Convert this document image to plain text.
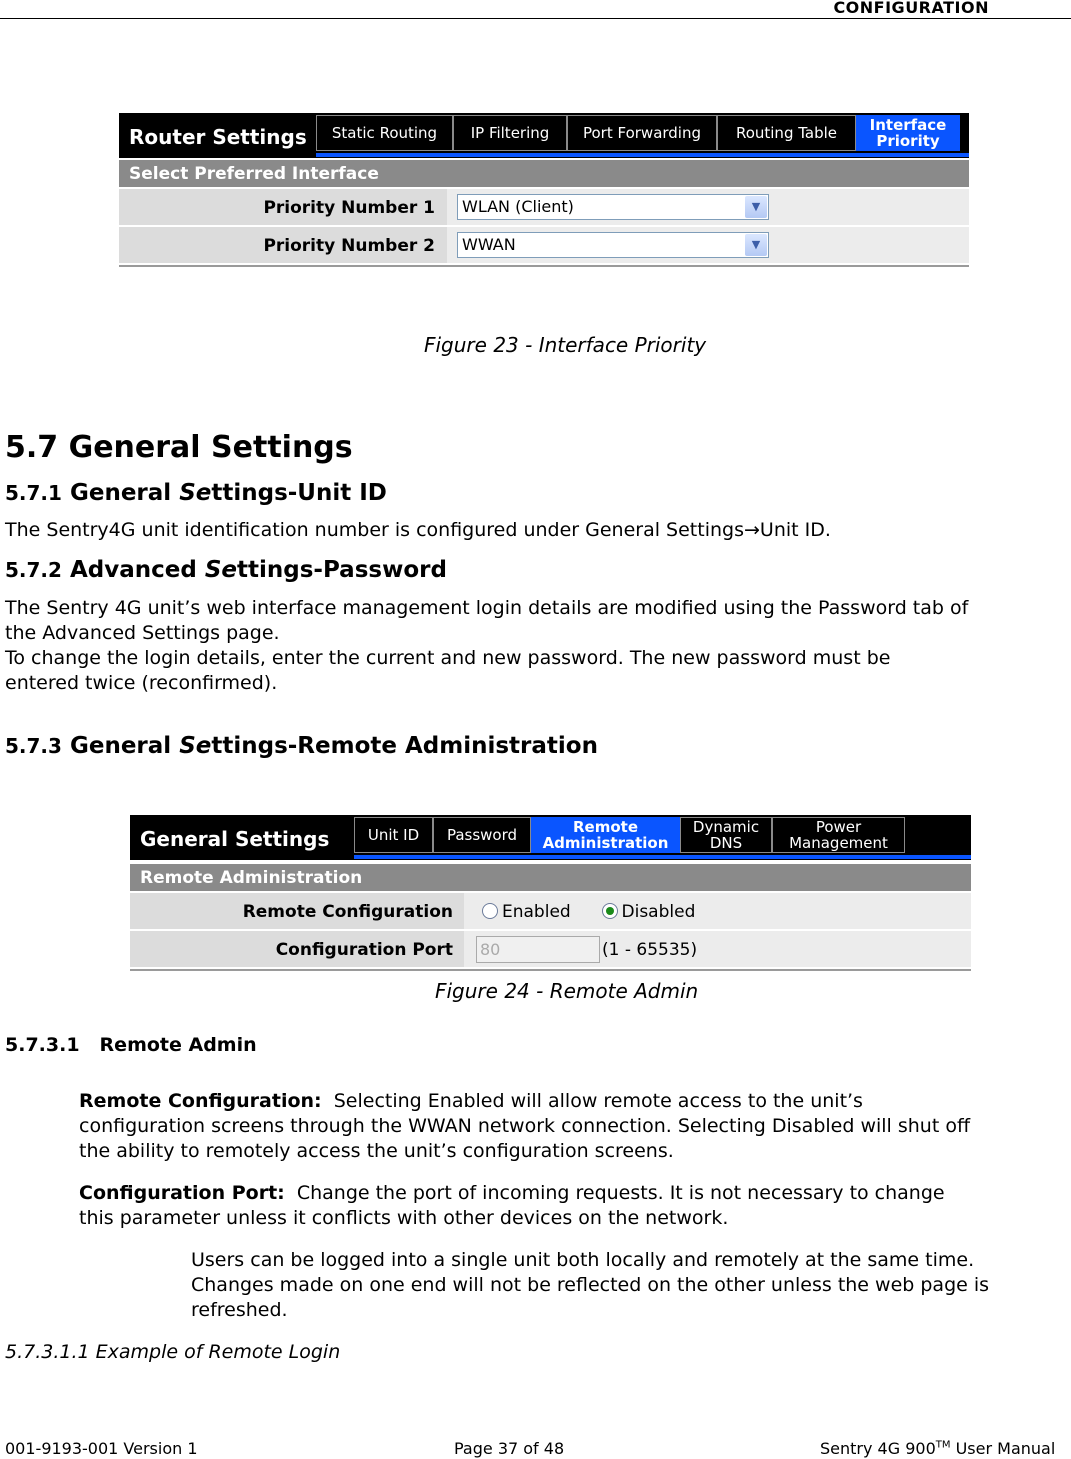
CONFIGURATION
Router Settings	Static Routing	IP Filtering	Port Forwarding	Routing Table	Interface
Priority
Select Preferred Interface
Priority Number 1	WLAN (Client)	▼
Priority Number 2	WWAN	▼
Figure 23 - Interface Priority
5.7 General Settings
5.7.1 General Settings-Unit ID
The Sentry4G unit identification number is configured under General Settings→Unit ID.
5.7.2 Advanced Settings-Password
The Sentry 4G unit’s web interface management login details are modified using the Password tab of
the Advanced Settings page.
To change the login details, enter the current and new password. The new password must be
entered twice (reconfirmed).
5.7.3 General Settings-Remote Administration
General Settings	Unit ID	Password	Remote
Administration
Dynamic
DNS
Power
Management
Remote Administration
Remote Configuration	Enabled	Disabled
Configuration Port 80	(1 - 65535)
Figure 24 - Remote Admin
5.7.3.1 Remote Admin
Remote Configuration:  Selecting Enabled will allow remote access to the unit’s
configuration screens through the WWAN network connection. Selecting Disabled will shut off
the ability to remotely access the unit’s configuration screens.
Configuration Port:  Change the port of incoming requests. It is not necessary to change
this parameter unless it conflicts with other devices on the network.
Users can be logged into a single unit both locally and remotely at the same time.
Changes made on one end will not be reflected on the other unless the web page is
refreshed.
5.7.3.1.1 Example of Remote Login
001-9193-001 Version 1	Page 37 of 48	Sentry 4G 900™ User Manual
